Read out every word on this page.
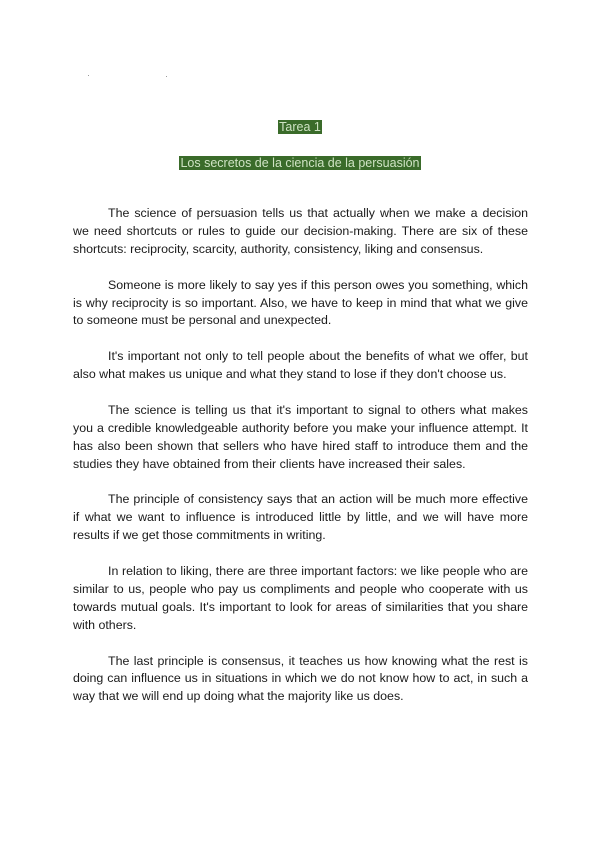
Tarea 1
Los secretos de la ciencia de la persuasión

The science of persuasion tells us that actually when we make a decision we need shortcuts or rules to guide our decision-making. There are six of these shortcuts: reciprocity, scarcity, authority, consistency, liking and consensus.

Someone is more likely to say yes if this person owes you something, which is why reciprocity is so important. Also, we have to keep in mind that what we give to someone must be personal and unexpected.

It's important not only to tell people about the benefits of what we offer, but also what makes us unique and what they stand to lose if they don't choose us.

The science is telling us that it's important to signal to others what makes you a credible knowledgeable authority before you make your influence attempt. It has also been shown that sellers who have hired staff to introduce them and the studies they have obtained from their clients have increased their sales.

The principle of consistency says that an action will be much more effective if what we want to influence is introduced little by little, and we will have more results if we get those commitments in writing.

In relation to liking, there are three important factors: we like people who are similar to us, people who pay us compliments and people who cooperate with us towards mutual goals. It's important to look for areas of similarities that you share with others.

The last principle is consensus, it teaches us how knowing what the rest is doing can influence us in situations in which we do not know how to act, in such a way that we will end up doing what the majority like us does.
